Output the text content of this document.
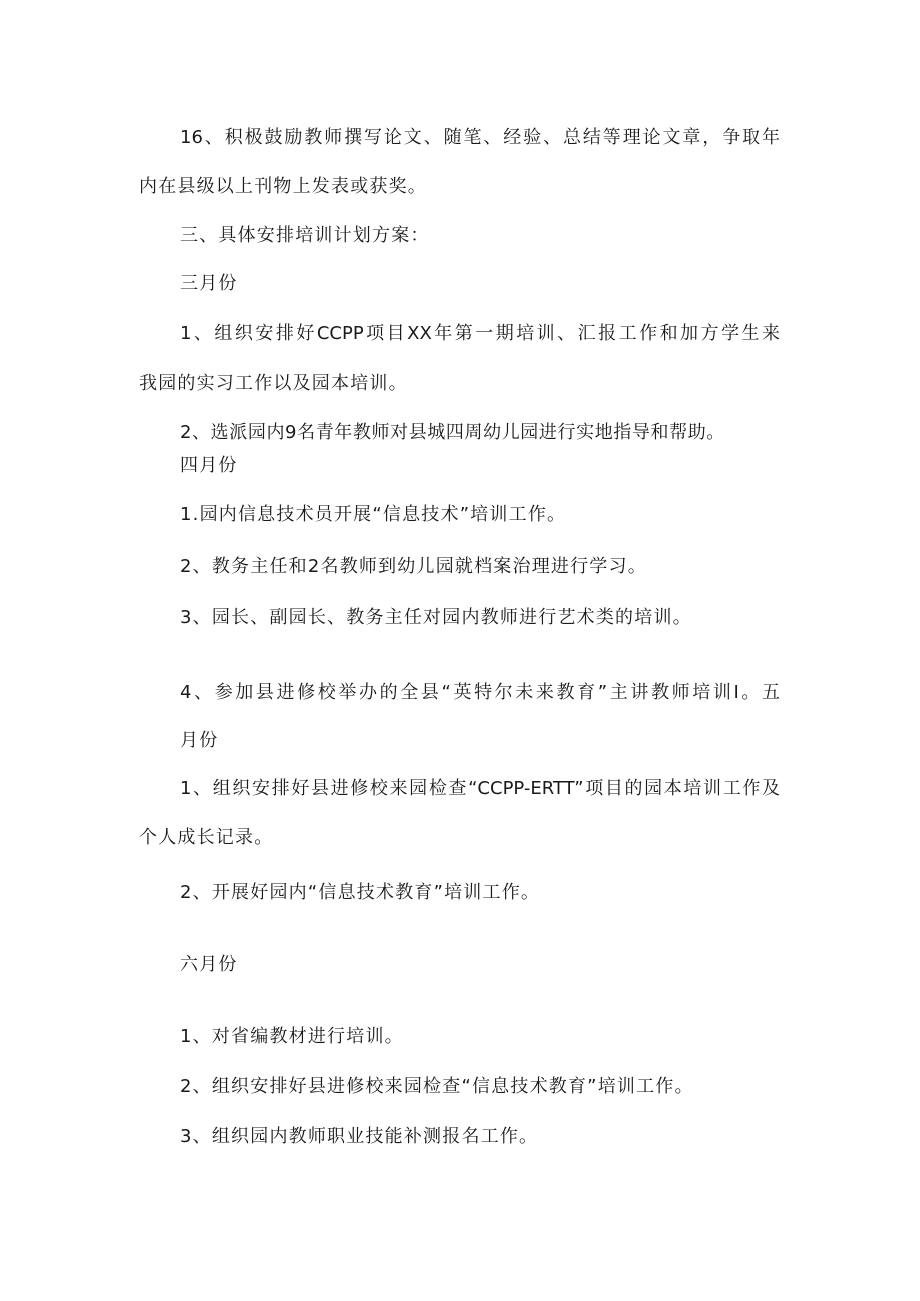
16、积极鼓励教师撰写论文、随笔、经验、总结等理论文章，争取年
内在县级以上刊物上发表或获奖。
三、具体安排培训计划方案：
三月份
1、组织安排好CCPP项目XX年第一期培训、汇报工作和加方学生来
我园的实习工作以及园本培训。
2、选派园内9名青年教师对县城四周幼儿园进行实地指导和帮助。
四月份
1.园内信息技术员开展“信息技术”培训工作。
2、教务主任和2名教师到幼儿园就档案治理进行学习。
3、园长、副园长、教务主任对园内教师进行艺术类的培训。
4、参加县进修校举办的全县“英特尔未来教育”主讲教师培训I。五
月份
1、组织安排好县进修校来园检查“CCPP-ERTT”项目的园本培训工作及
个人成长记录。
2、开展好园内“信息技术教育”培训工作。
六月份
1、对省编教材进行培训。
2、组织安排好县进修校来园检查“信息技术教育”培训工作。
3、组织园内教师职业技能补测报名工作。
